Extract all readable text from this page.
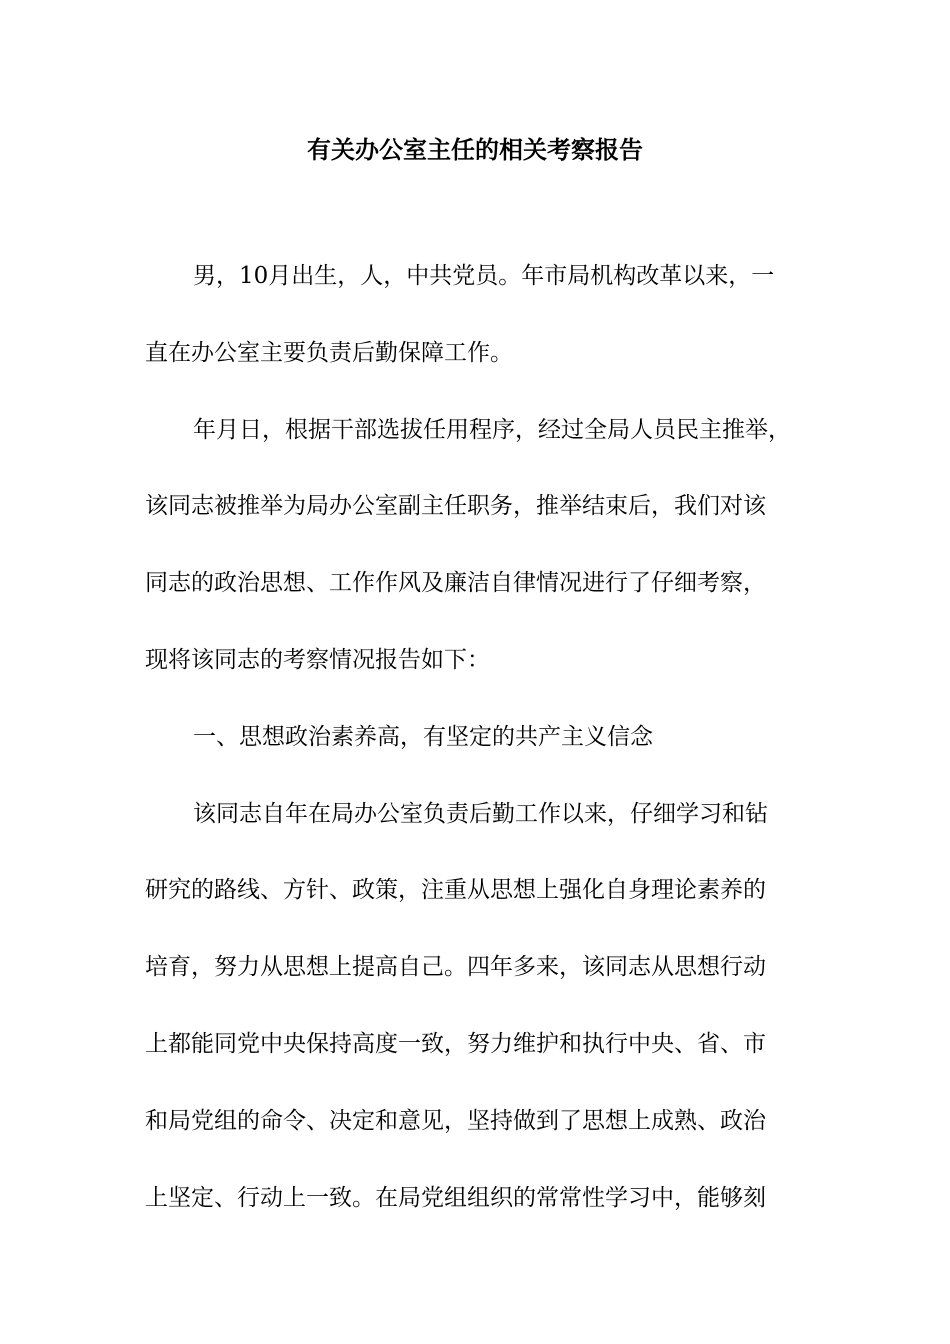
有关办公室主任的相关考察报告
男，10月出生，人，中共党员。年市局机构改革以来，一
直在办公室主要负责后勤保障工作。
年月日，根据干部选拔任用程序，经过全局人员民主推举，
该同志被推举为局办公室副主任职务，推举结束后，我们对该
同志的政治思想、工作作风及廉洁自律情况进行了仔细考察，
现将该同志的考察情况报告如下：
一、思想政治素养高，有坚定的共产主义信念
该同志自年在局办公室负责后勤工作以来，仔细学习和钻
研究的路线、方针、政策，注重从思想上强化自身理论素养的
培育，努力从思想上提高自己。四年多来，该同志从思想行动
上都能同党中央保持高度一致，努力维护和执行中央、省、市
和局党组的命令、决定和意见，坚持做到了思想上成熟、政治
上坚定、行动上一致。在局党组组织的常常性学习中，能够刻
